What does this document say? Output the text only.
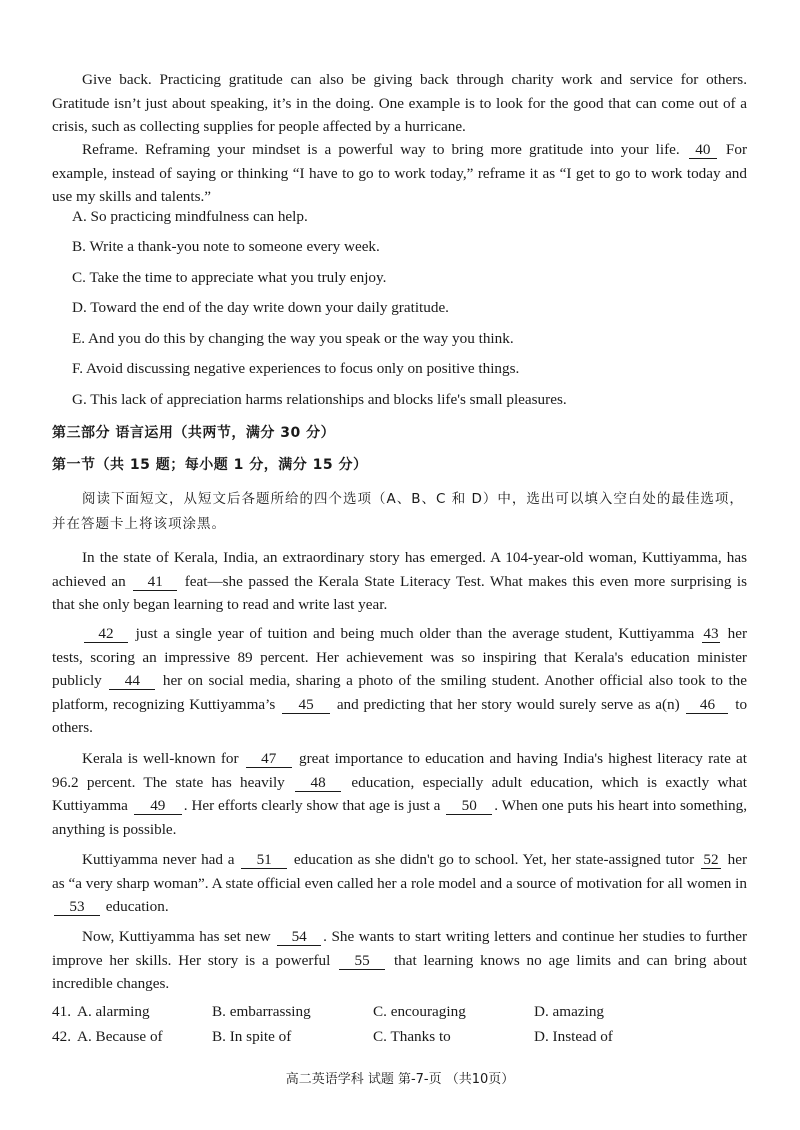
Give back. Practicing gratitude can also be giving back through charity work and service for others. Gratitude isn’t just about speaking, it’s in the doing. One example is to look for the good that can come out of a crisis, such as collecting supplies for people affected by a hurricane.

Reframe. Reframing your mindset is a powerful way to bring more gratitude into your life. 40 For example, instead of saying or thinking “I have to go to work today,” reframe it as “I get to go to work today and use my skills and talents.”

A. So practicing mindfulness can help.

B. Write a thank-you note to someone every week.

C. Take the time to appreciate what you truly enjoy.

D. Toward the end of the day write down your daily gratitude.

E. And you do this by changing the way you speak or the way you think.

F. Avoid discussing negative experiences to focus only on positive things.

G. This lack of appreciation harms relationships and blocks life's small pleasures.

第三部分 语言运用（共两节，满分 30 分）

第一节（共 15 题；每小题 1 分，满分 15 分）

阅读下面短文，从短文后各题所给的四个选项（A、B、C 和 D）中，选出可以填入空白处的最佳选项，并在答题卡上将该项涂黑。

In the state of Kerala, India, an extraordinary story has emerged. A 104-year-old woman, Kuttiyamma, has achieved an 41 feat—she passed the Kerala State Literacy Test. What makes this even more surprising is that she only began learning to read and write last year.

42 just a single year of tuition and being much older than the average student, Kuttiyamma 43 her tests, scoring an impressive 89 percent. Her achievement was so inspiring that Kerala's education minister publicly 44 her on social media, sharing a photo of the smiling student. Another official also took to the platform, recognizing Kuttiyamma’s 45 and predicting that her story would surely serve as a(n) 46 to others.

Kerala is well-known for 47 great importance to education and having India's highest literacy rate at 96.2 percent. The state has heavily 48 education, especially adult education, which is exactly what Kuttiyamma 49 . Her efforts clearly show that age is just a 50 . When one puts his heart into something, anything is possible.

Kuttiyamma never had a 51 education as she didn't go to school. Yet, her state-assigned tutor 52 her as “a very sharp woman”. A state official even called her a role model and a source of motivation for all women in 53 education.

Now, Kuttiyamma has set new 54 . She wants to start writing letters and continue her studies to further improve her skills. Her story is a powerful 55 that learning knows no age limits and can bring about incredible changes.

41. A. alarming	B. embarrassing	C. encouraging	D. amazing
42. A. Because of	B. In spite of	C. Thanks to	D. Instead of
高二英语学科 试题 第-7-页 （共10页）
